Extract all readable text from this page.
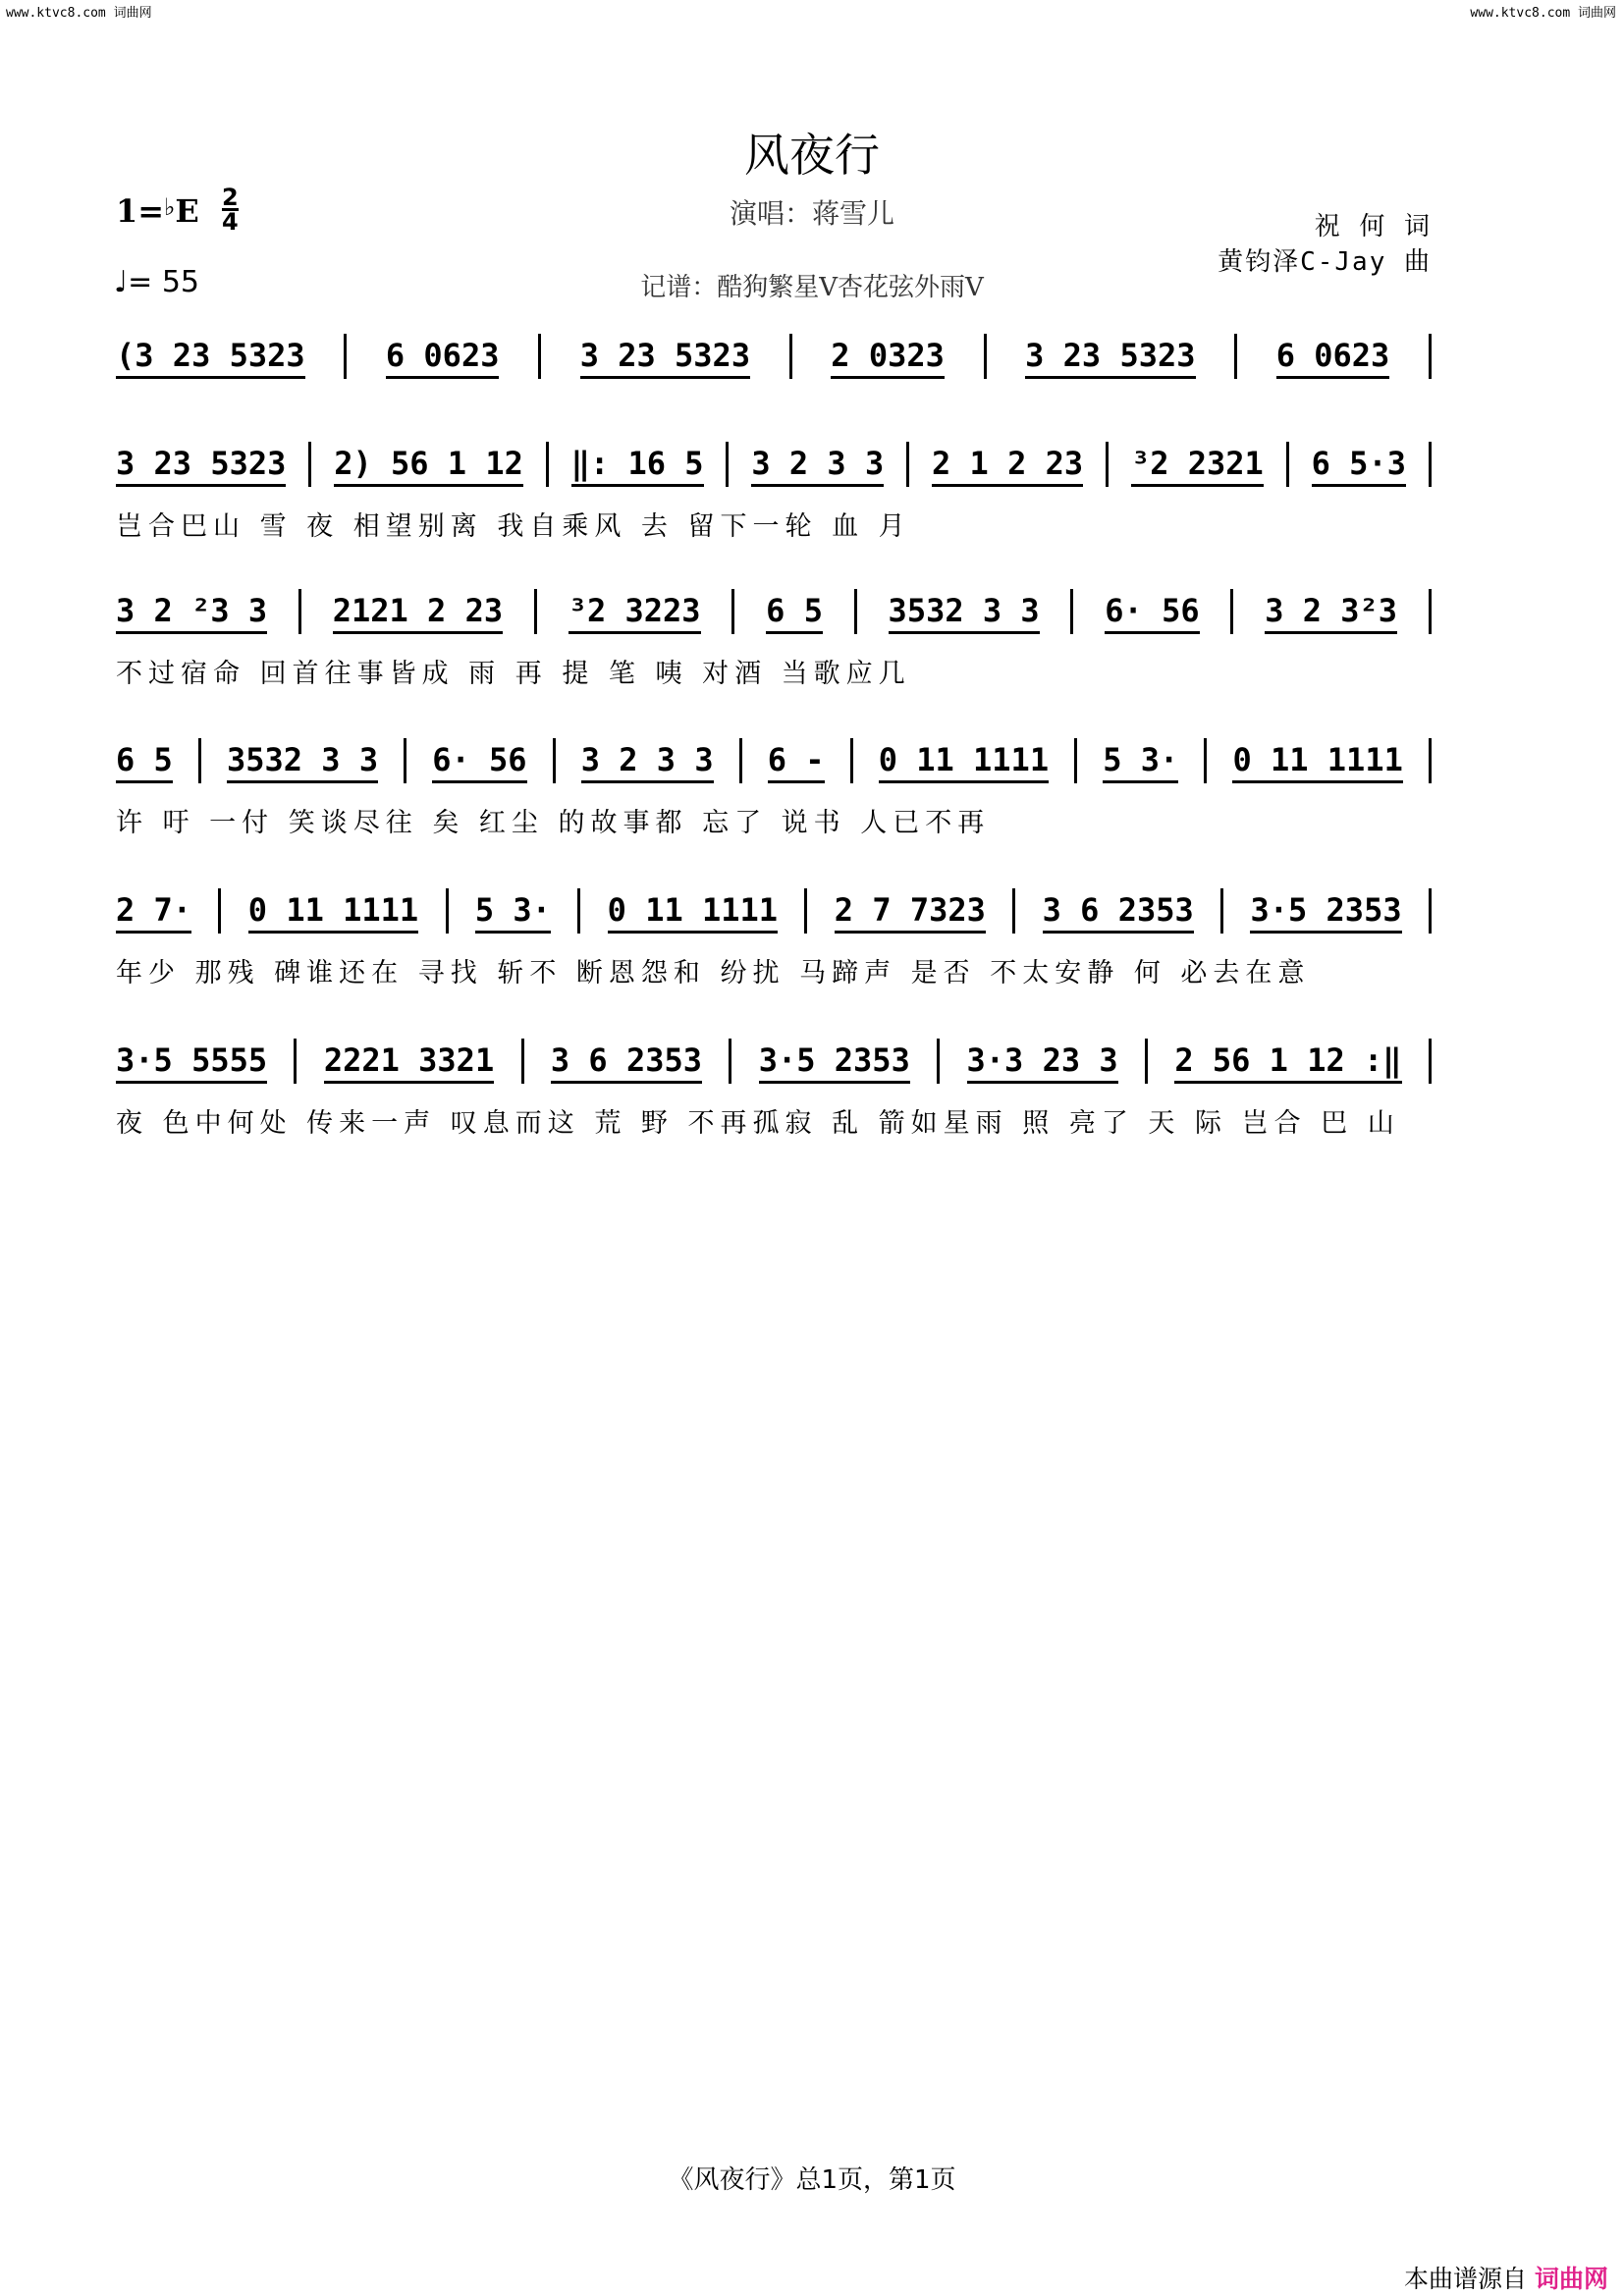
www.ktvc8.com 词曲网	www.ktvc8.com 词曲网
风夜行
1=♭E 2
4
♩= 55
演唱：蒋雪儿
记谱：酷狗繁星V杏花弦外雨V
祝 何 词
黄钧泽C-Jay 曲
(3 23 5323	6 0623	3 23 5323	2 0323	3 23 5323	6 0623
3 23 5323 2) 56 1 12 ‖: 16 5 3 2 3 3 2 1 2 23 ³2 2321 6 5·3
岂合巴山 雪 夜 相望别离 我自乘风 去 留下一轮 血 月
3 2 ²3 3 2121 2 23 ³2 3223 6 5 3532 3 3 6· 56 3 2 3²3
不过宿命 回首往事皆成 雨 再 提 笔 咦 对酒 当歌应几
6 5 3532 3 3 6· 56 3 2 3 3 6 - 0 11 1111 5 3· 0 11 1111
许 吁 一付 笑谈尽往 矣 红尘 的故事都 忘了 说书 人已不再
2 7· 0 11 1111 5 3· 0 11 1111 2 7 7323 3 6 2353 3·5 2353
年少 那残 碑谁还在 寻找 斩不 断恩怨和 纷扰 马蹄声 是否 不太安静 何 必去在意
3·5 5555 2221 3321 3 6 2353 3·5 2353 3·3 23 3 2 56 1 12 :‖
夜 色中何处 传来一声 叹息而这 荒 野 不再孤寂 乱 箭如星雨 照 亮了 天 际 岂合 巴 山
《风夜行》总1页，第1页
本曲谱源自 词曲网
